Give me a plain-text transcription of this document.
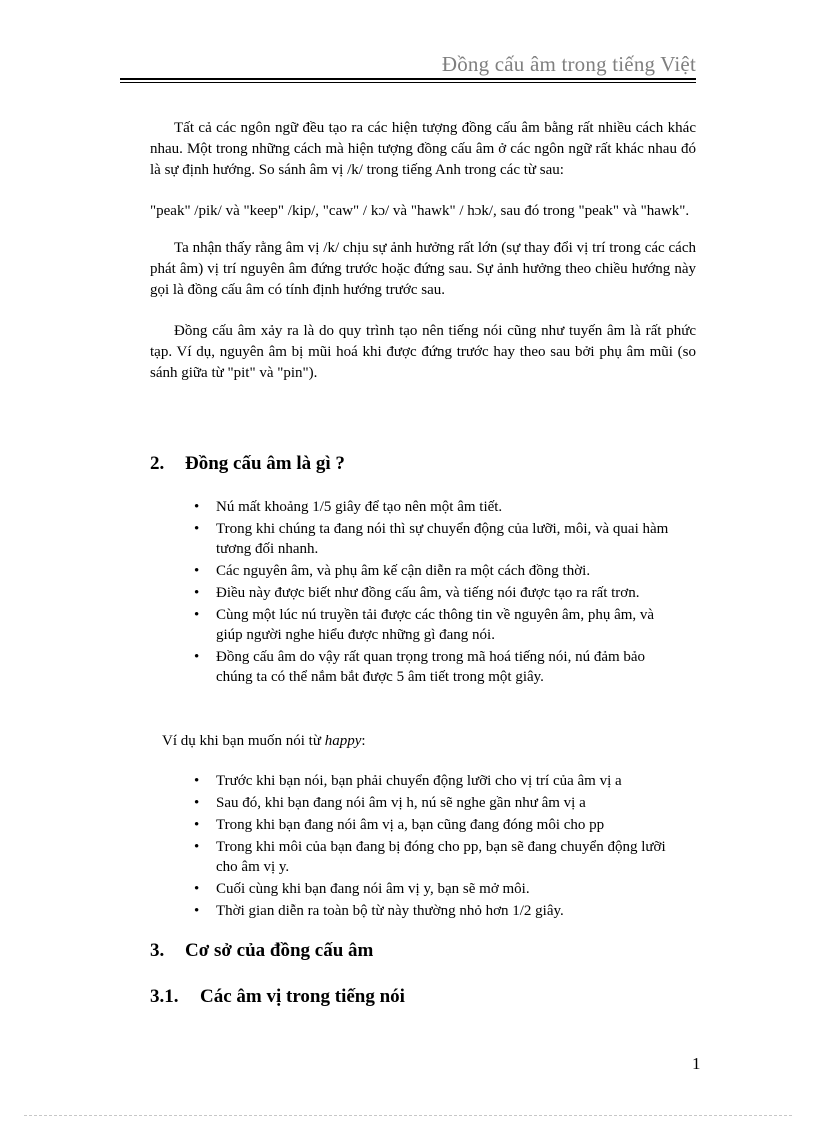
Đồng cấu âm trong tiếng Việt

Tất cả các ngôn ngữ đều tạo ra các hiện tượng đồng cấu âm bằng rất nhiều cách khác nhau. Một trong những cách mà hiện tượng đồng cấu âm ở các ngôn ngữ rất khác nhau đó là sự định hướng. So sánh âm vị /k/ trong tiếng Anh trong các từ sau:

"peak" /pik/ và "keep" /kip/, "caw" / kɔ/ và "hawk" / hɔk/, sau đó trong "peak" và "hawk".

Ta nhận thấy rằng âm vị /k/ chịu sự ảnh hưởng rất lớn (sự thay đổi vị trí trong các cách phát âm) vị trí nguyên âm đứng trước hoặc đứng sau. Sự ảnh hưởng theo chiều hướng này gọi là đồng cấu âm có tính định hướng trước sau.

Đồng cấu âm xảy ra là do quy trình tạo nên tiếng nói cũng như tuyến âm là rất phức tạp. Ví dụ, nguyên âm bị mũi hoá khi được đứng trước hay theo sau bởi phụ âm mũi (so sánh giữa từ "pit" và "pin").

2. Đồng cấu âm là gì ?
• Nú mất khoảng 1/5 giây để tạo nên một âm tiết.
• Trong khi chúng ta đang nói thì sự chuyển động của lưỡi, môi, và quai hàm tương đối nhanh.
• Các nguyên âm, và phụ âm kế cận diễn ra một cách đồng thời.
• Điều này được biết như đồng cấu âm, và tiếng nói được tạo ra rất trơn.
• Cùng một lúc nú truyền tải được các thông tin về nguyên âm, phụ âm, và giúp người nghe hiểu được những gì đang nói.
• Đồng cấu âm do vậy rất quan trọng trong mã hoá tiếng nói, nú đảm bảo chúng ta có thể nắm bắt được 5 âm tiết trong một giây.
Ví dụ khi bạn muốn nói từ happy:
• Trước khi bạn nói, bạn phải chuyển động lưỡi cho vị trí của âm vị a
• Sau đó, khi bạn đang nói âm vị h, nú sẽ nghe gần như âm vị a
• Trong khi bạn đang nói âm vị a, bạn cũng đang đóng môi cho pp
• Trong khi môi của bạn đang bị đóng cho pp, bạn sẽ đang chuyển động lưỡi cho âm vị y.
• Cuối cùng khi bạn đang nói âm vị y, bạn sẽ mở môi.
• Thời gian diễn ra toàn bộ từ này thường nhỏ hơn 1/2 giây.
3. Cơ sở của đồng cấu âm
3.1. Các âm vị trong tiếng nói
1
